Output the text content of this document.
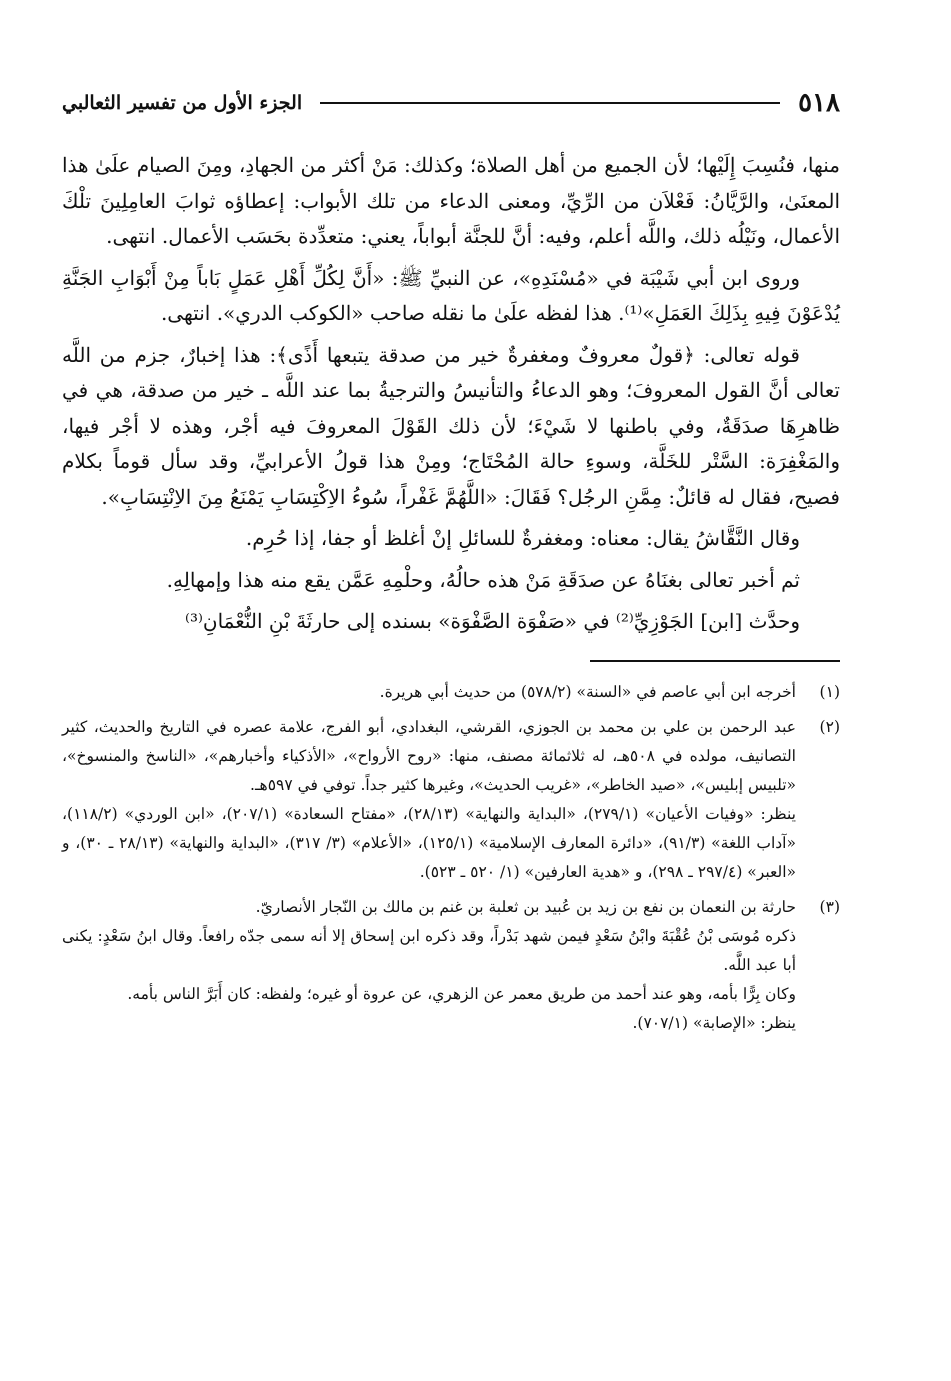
٥١٨
الجزء الأول من تفسير الثعالبي

منها، فنُسِبَ إِلَيْها؛ لأن الجميع من أهل الصلاة؛ وكذلك: مَنْ أكثر من الجهادِ، ومِنَ الصيام علَىٰ هذا المعنَىٰ، والرَّيَّانُ: فَعْلاَن من الرِّيِّ، ومعنى الدعاء من تلك الأبواب: إعطاؤه ثوابَ العامِلِينَ تلْكَ الأعمال، ونَيْلُه ذلك، واللَّه أعلم، وفيه: أنَّ للجنَّة أبواباً، يعني: متعدِّدة بحَسَب الأعمال. انتهى.

وروى ابن أبي شَيْبَة في «مُسْنَدِهِ»، عن النبيِّ ﷺ: «أَنَّ لِكُلِّ أَهْلِ عَمَلٍ بَاباً مِنْ أَبْوَابِ الجَنَّةِ يُدْعَوْنَ فِيهِ بِذَلِكَ العَمَلِ»⁽¹⁾. هذا لفظه علَىٰ ما نقله صاحب «الكوكب الدري». انتهى.

قوله تعالى: ﴿قولٌ معروفٌ ومغفرةٌ خير من صدقة يتبعها أَذًى﴾: هذا إخبارٌ، جزم من اللَّه تعالى أنَّ القول المعروفَ؛ وهو الدعاءُ والتأنيسُ والترجيةُ بما عند اللَّه ـ خير من صدقة، هي في ظاهرِهَا صدَقَةٌ، وفي باطنها لا شَيْءَ؛ لأن ذلك القَوْلَ المعروفَ فيه أجْر، وهذه لا أجْر فيها، والمَغْفِرَة: السَّتْر للخَلَّة، وسوءِ حالة المُحْتَاج؛ ومِنْ هذا قولُ الأعرابيِّ، وقد سأل قوماً بكلام فصيح، فقال له قائلٌ: مِمَّنِ الرجُل؟ فَقَالَ: «اللَّهُمَّ غَفْراً، سُوءُ الاِكْتِسَابِ يَمْنَعُ مِنَ الاِنْتِسَابِ».

وقال النَّقَّاشُ يقال: معناه: ومغفرةٌ للسائلِ إنْ أغلظ أو جفا، إذا حُرِم.

ثم أخبر تعالى بغنَاهُ عن صدَقَةِ مَنْ هذه حالُهُ، وحلْمِهِ عَمَّن يقع منه هذا وإمهالِهِ.

وحدَّث [ابن] الجَوْزِيِّ⁽²⁾ في «صَفْوَة الصَّفْوَة» بسنده إلى حارثَةَ بْنِ النُّعْمَانِ⁽³⁾

(١)
أخرجه ابن أبي عاصم في «السنة» (٥٧٨/٢) من حديث أبي هريرة.
(٢)
عبد الرحمن بن علي بن محمد بن الجوزي، القرشي، البغدادي، أبو الفرج، علامة عصره في التاريخ والحديث، كثير التصانيف، مولده في ٥٠٨هـ، له ثلاثمائة مصنف، منها: «روح الأرواح»، «الأذكياء وأخبارهم»، «الناسخ والمنسوخ»، «تلبيس إبليس»، «صيد الخاطر»، «غريب الحديث»، وغيرها كثير جداً. توفي في ٥٩٧هـ.
ينظر: «وفيات الأعيان» (٢٧٩/١)، «البداية والنهاية» (٢٨/١٣)، «مفتاح السعادة» (٢٠٧/١)، «ابن الوردي» (١١٨/٢)، «آداب اللغة» (٩١/٣)، «دائرة المعارف الإسلامية» (١٢٥/١)، «الأعلام» (٣/ ٣١٧)، «البداية والنهاية» (٢٨/١٣ ـ ٣٠)، و «العبر» (٢٩٧/٤ ـ ٢٩٨)، و «هدية العارفين» (١/ ٥٢٠ ـ ٥٢٣).
(٣)
حارثة بن النعمان بن نفع بن زيد بن عُبيد بن ثعلبة بن غنم بن مالك بن النّجار الأنصاريّ.
ذكره مُوسَى بْنُ عُقْبَةَ وابْنُ سَعْدٍ فيمن شهد بَدْراً، وقد ذكره ابن إسحاق إلا أنه سمى جدّه رافعاً. وقال ابنُ سَعْدٍ: يكنى أبا عبد اللَّه.
وكان بِرًّا بأمه، وهو عند أحمد من طريق معمر عن الزهري، عن عروة أو غيره؛ ولفظه: كان أَبَرَّ الناس بأمه.
ينظر: «الإصابة» (٧٠٧/١).
